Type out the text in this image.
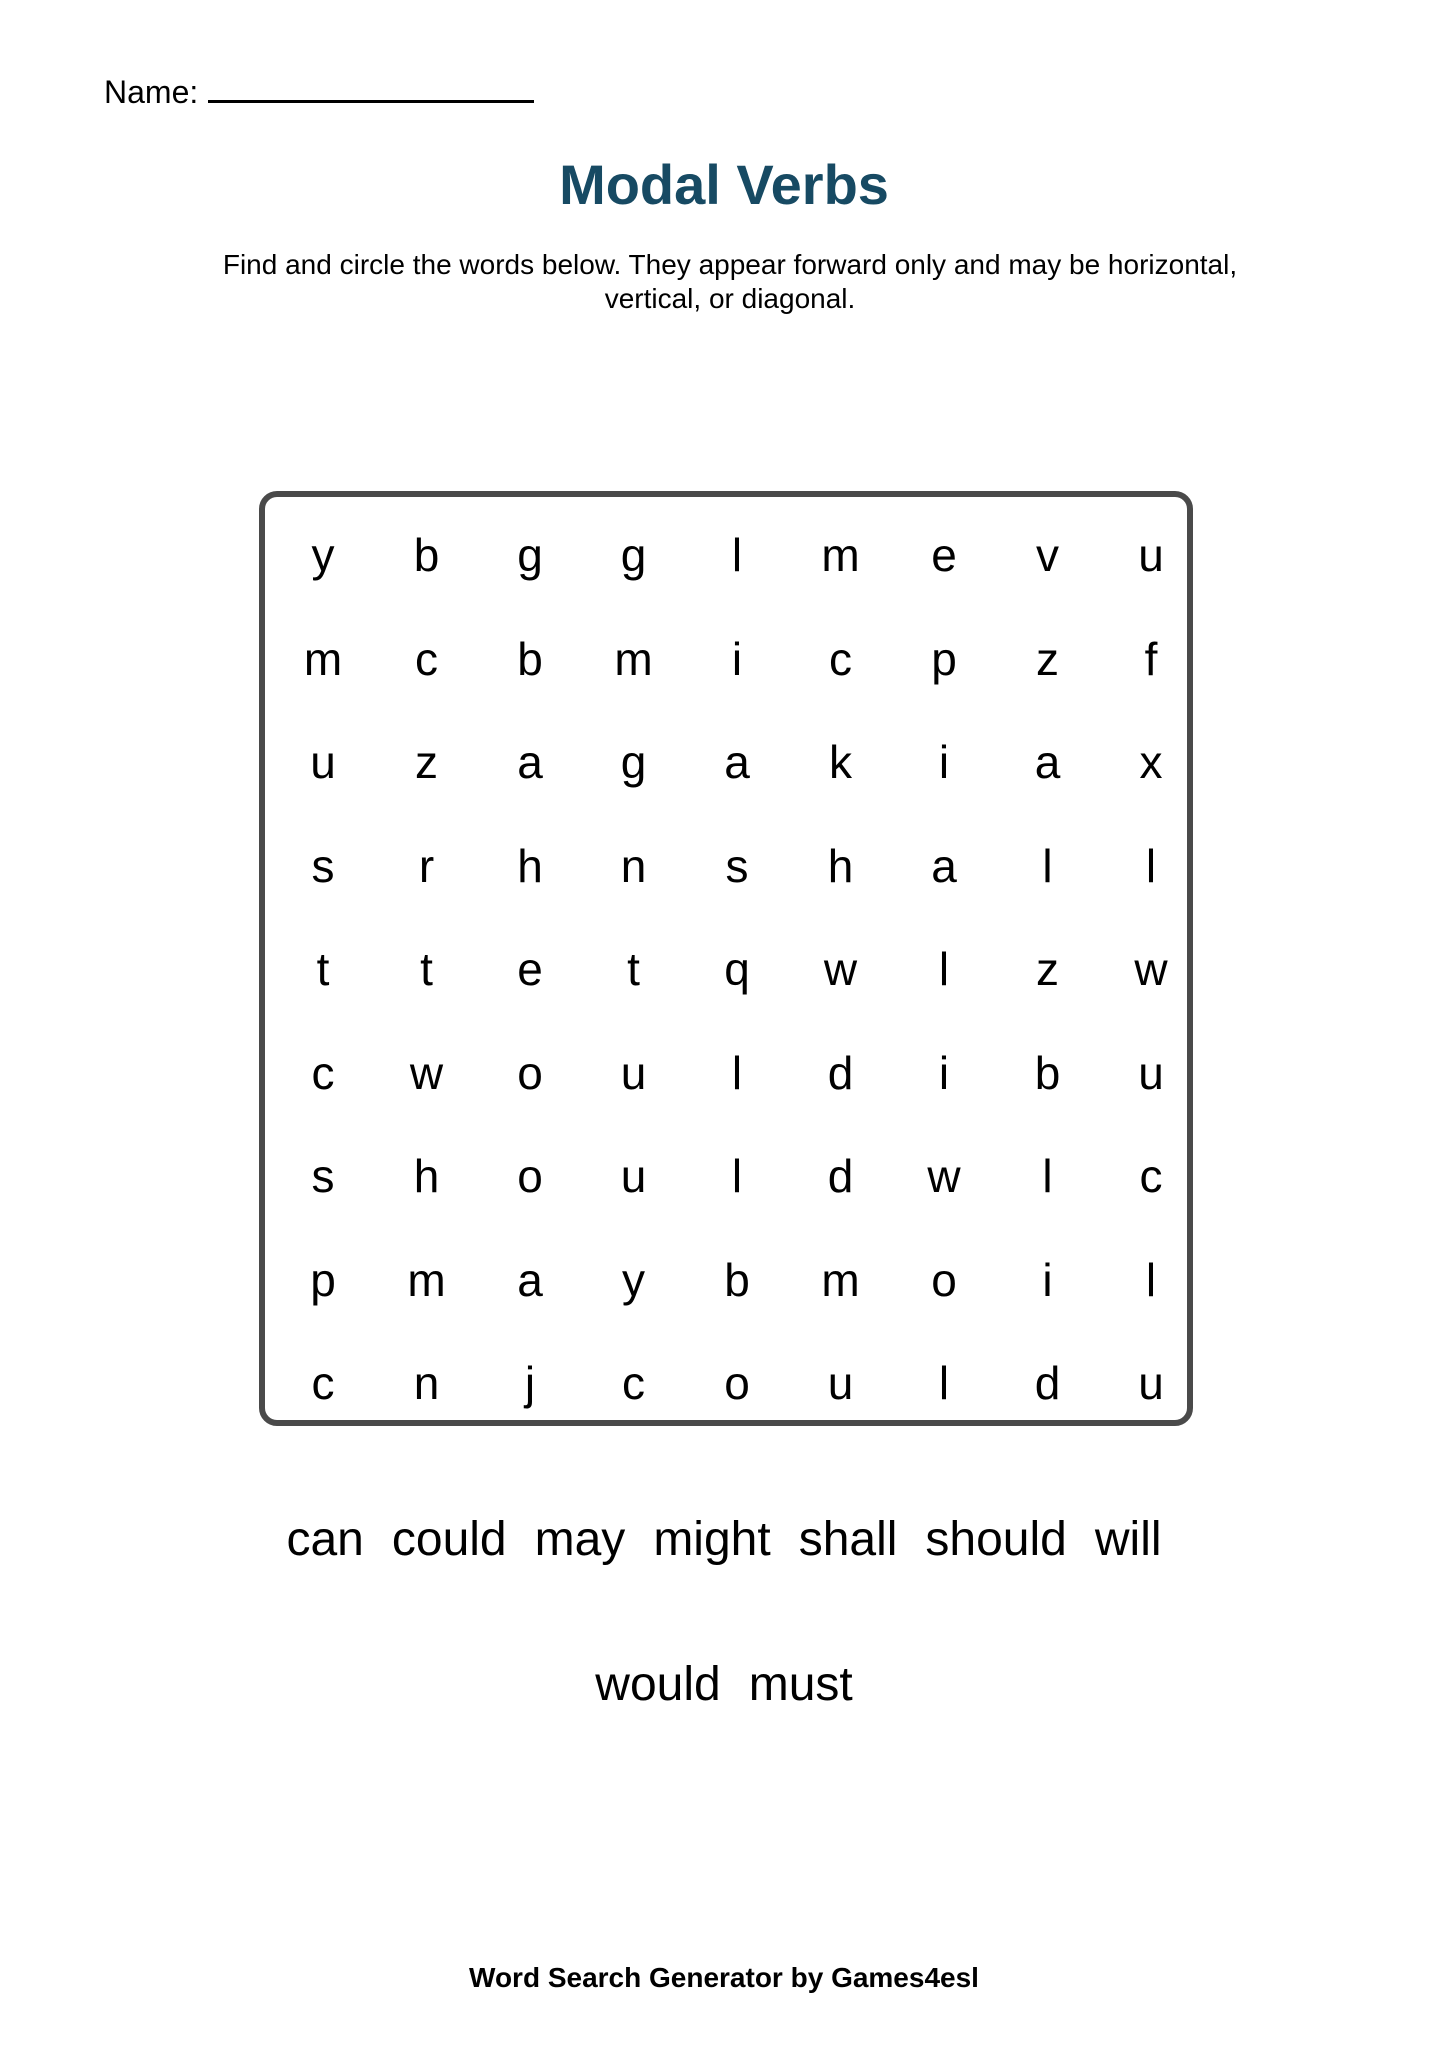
Name:
Modal Verbs
Find and circle the words below. They appear forward only and may be horizontal, vertical, or diagonal.
y	b	g	g	l	m	e	v	u
m	c	b	m	i	c	p	z	f
u	z	a	g	a	k	i	a	x
s	r	h	n	s	h	a	l	l
t	t	e	t	q	w	l	z	w
c	w	o	u	l	d	i	b	u
s	h	o	u	l	d	w	l	c
p	m	a	y	b	m	o	i	l
c	n	j	c	o	u	l	d	u
can could may might shall should will
would must
Word Search Generator by Games4esl
